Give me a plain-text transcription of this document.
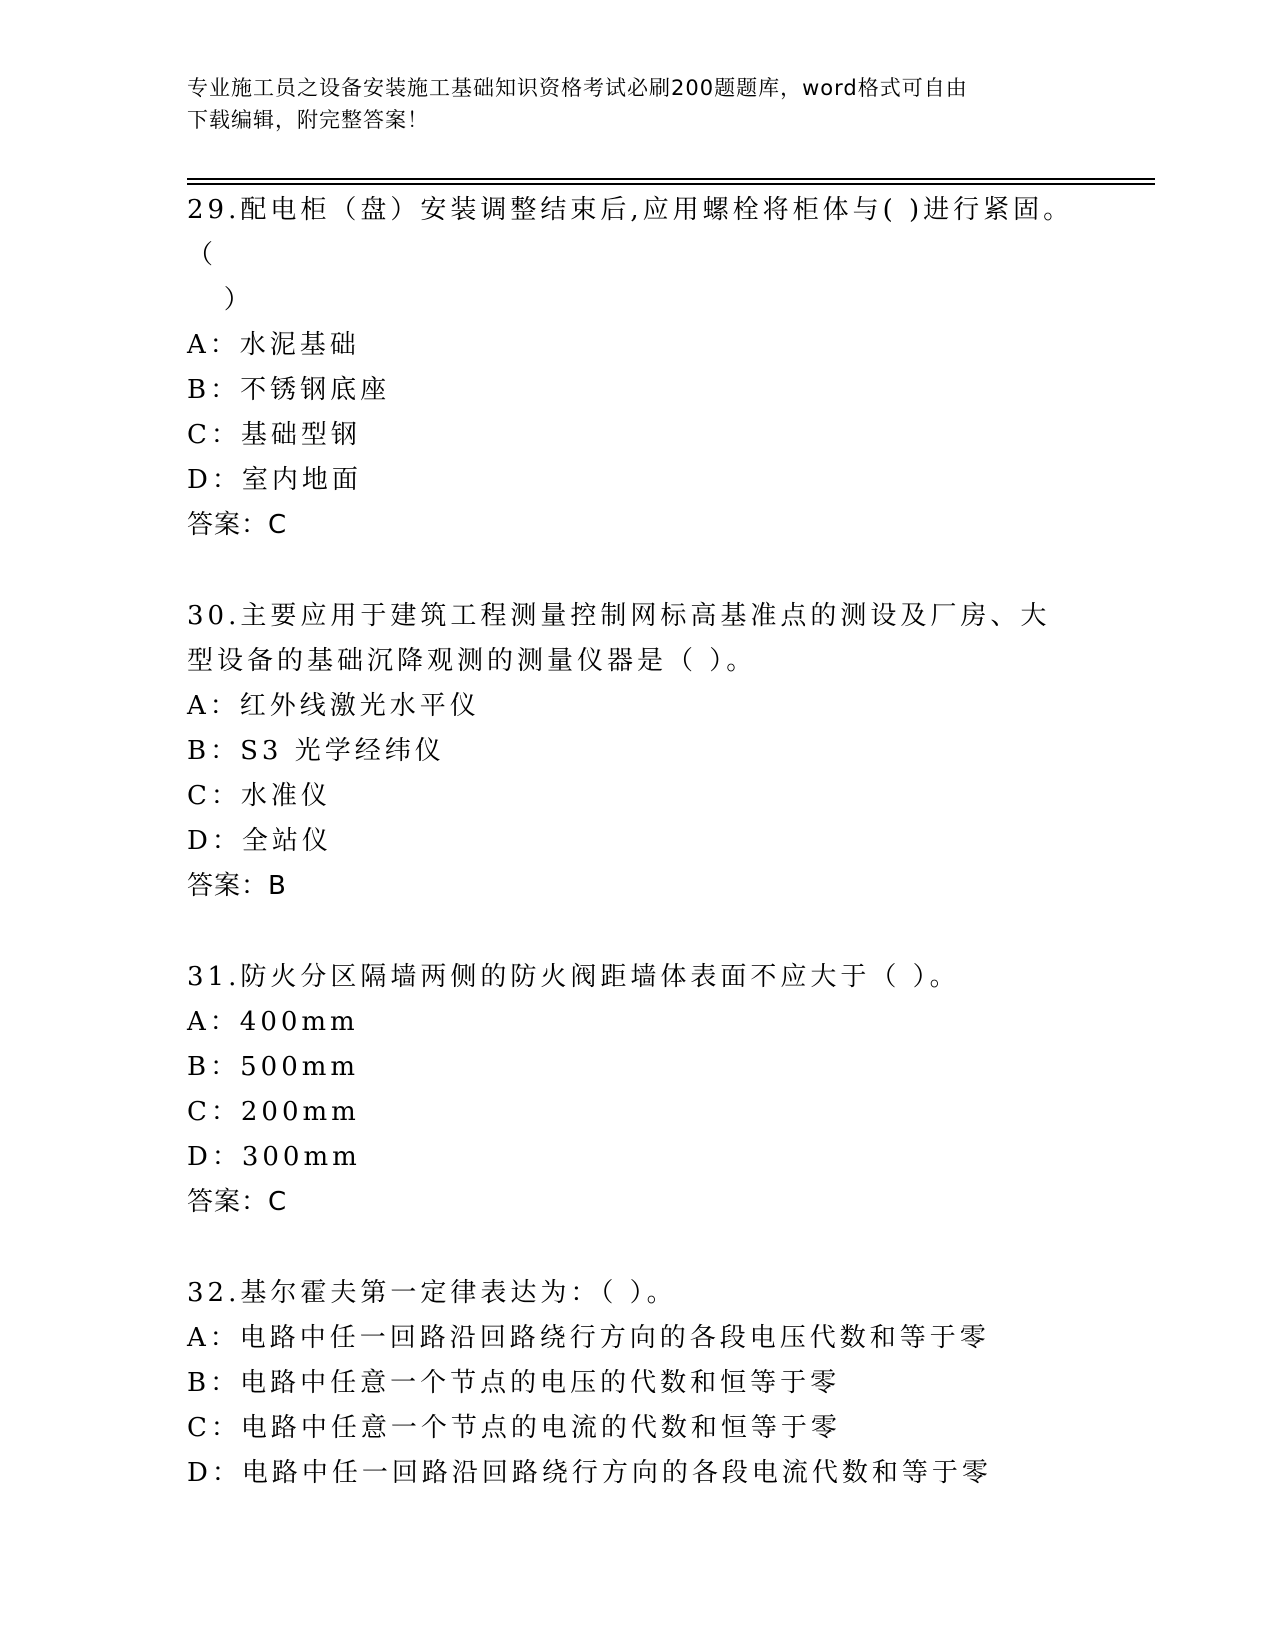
专业施工员之设备安装施工基础知识资格考试必刷200题题库，word格式可自由
下载编辑，附完整答案！
29.配电柜（盘）安装调整结束后,应用螺栓将柜体与( )进行紧固。（
）
A：水泥基础
B：不锈钢底座
C：基础型钢
D：室内地面
答案：C
30.主要应用于建筑工程测量控制网标高基准点的测设及厂房、大型设备的基础沉降观测的测量仪器是（ ）。
A：红外线激光水平仪
B：S3 光学经纬仪
C：水准仪
D：全站仪
答案：B
31.防火分区隔墙两侧的防火阀距墙体表面不应大于（ ）。
A：400mm
B：500mm
C：200mm
D：300mm
答案：C
32.基尔霍夫第一定律表达为：（ ）。
A：电路中任一回路沿回路绕行方向的各段电压代数和等于零
B：电路中任意一个节点的电压的代数和恒等于零
C：电路中任意一个节点的电流的代数和恒等于零
D：电路中任一回路沿回路绕行方向的各段电流代数和等于零
